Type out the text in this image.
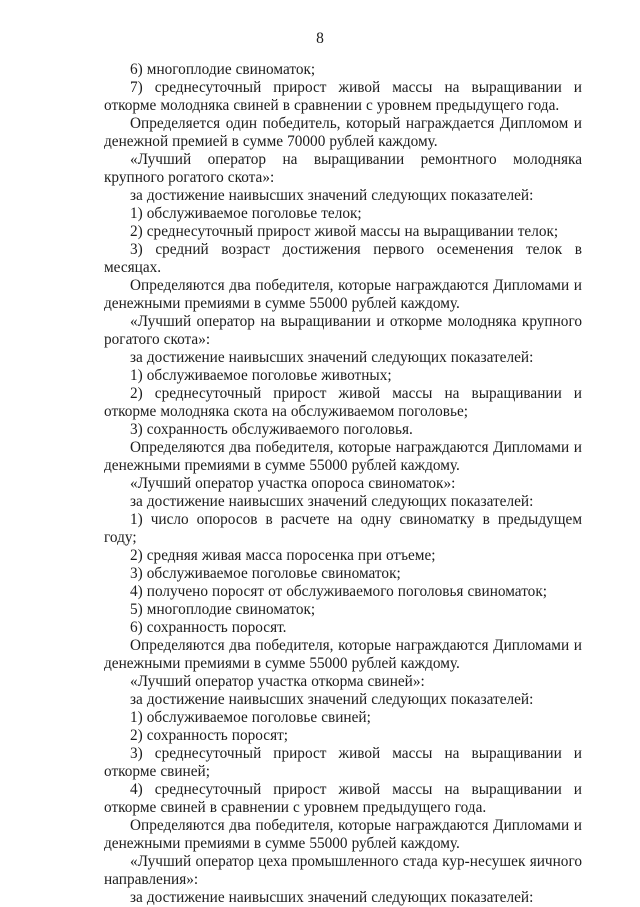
8

6) многоплодие свиноматок;

7) среднесуточный прирост живой массы на выращивании и откорме молодняка свиней в сравнении с уровнем предыдущего года.

Определяется один победитель, который награждается Дипломом и денежной премией в сумме 70000 рублей каждому.

«Лучший оператор на выращивании ремонтного молодняка крупного рогатого скота»:

за достижение наивысших значений следующих показателей:

1) обслуживаемое поголовье телок;

2) среднесуточный прирост живой массы на выращивании телок;

3) средний возраст достижения первого осеменения телок в месяцах.

Определяются два победителя, которые награждаются Дипломами и денежными премиями в сумме 55000 рублей каждому.

«Лучший оператор на выращивании и откорме молодняка крупного рогатого скота»:

за достижение наивысших значений следующих показателей:

1) обслуживаемое поголовье животных;

2) среднесуточный прирост живой массы на выращивании и откорме молодняка скота на обслуживаемом поголовье;

3) сохранность обслуживаемого поголовья.

Определяются два победителя, которые награждаются Дипломами и денежными премиями в сумме 55000 рублей каждому.

«Лучший оператор участка опороса свиноматок»:

за достижение наивысших значений следующих показателей:

1) число опоросов в расчете на одну свиноматку в предыдущем году;

2) средняя живая масса поросенка при отъеме;

3) обслуживаемое поголовье свиноматок;

4) получено поросят от обслуживаемого поголовья свиноматок;

5) многоплодие свиноматок;

6) сохранность поросят.

Определяются два победителя, которые награждаются Дипломами и денежными премиями в сумме 55000 рублей каждому.

«Лучший оператор участка откорма свиней»:

за достижение наивысших значений следующих показателей:

1) обслуживаемое поголовье свиней;

2) сохранность поросят;

3) среднесуточный прирост живой массы на выращивании и откорме свиней;

4) среднесуточный прирост живой массы на выращивании и откорме свиней в сравнении с уровнем предыдущего года.

Определяются два победителя, которые награждаются Дипломами и денежными премиями в сумме 55000 рублей каждому.

«Лучший оператор цеха промышленного стада кур-несушек яичного направления»:

за достижение наивысших значений следующих показателей:
